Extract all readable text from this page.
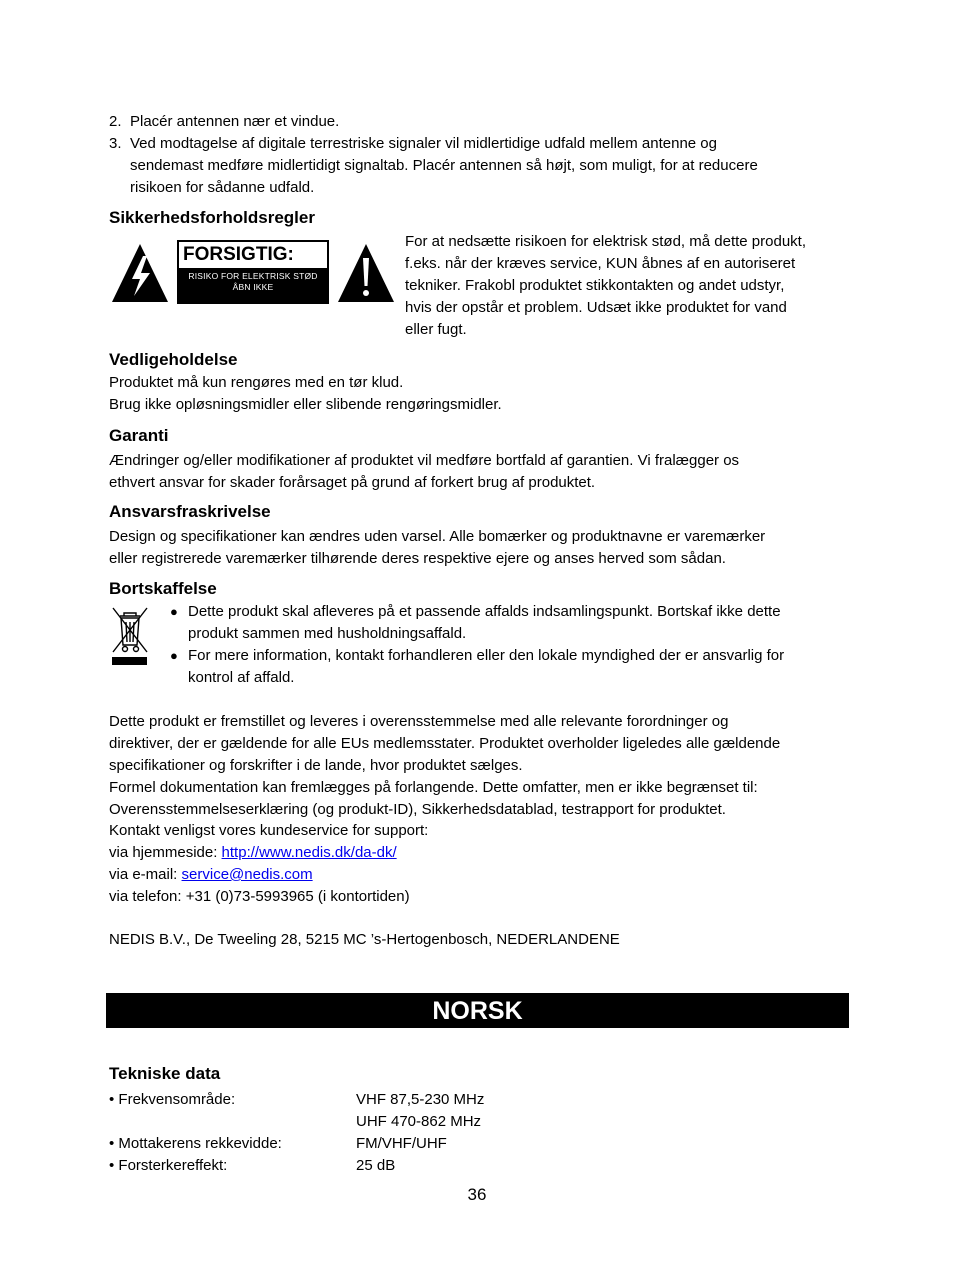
2. Placér antennen nær et vindue.
3. Ved modtagelse af digitale terrestriske signaler vil midlertidige udfald mellem antenne og
sendemast medføre midlertidigt signaltab. Placér antennen så højt, som muligt, for at reducere
risikoen for sådanne udfald.
Sikkerhedsforholdsregler
FORSIGTIG:
RISIKO FOR ELEKTRISK STØD
ÅBN IKKE
For at nedsætte risikoen for elektrisk stød, må dette produkt,
f.eks. når der kræves service, KUN åbnes af en autoriseret
tekniker. Frakobl produktet stikkontakten og andet udstyr,
hvis der opstår et problem. Udsæt ikke produktet for vand
eller fugt.
Vedligeholdelse
Produktet må kun rengøres med en tør klud.
Brug ikke opløsningsmidler eller slibende rengøringsmidler.
Garanti
Ændringer og/eller modifikationer af produktet vil medføre bortfald af garantien. Vi fralægger os
ethvert ansvar for skader forårsaget på grund af forkert brug af produktet.
Ansvarsfraskrivelse
Design og specifikationer kan ændres uden varsel. Alle bomærker og produktnavne er varemærker
eller registrerede varemærker tilhørende deres respektive ejere og anses herved som sådan.
Bortskaffelse
● Dette produkt skal afleveres på et passende affalds indsamlingspunkt. Bortskaf ikke dette
produkt sammen med husholdningsaffald.
● For mere information, kontakt forhandleren eller den lokale myndighed der er ansvarlig for
kontrol af affald.
Dette produkt er fremstillet og leveres i overensstemmelse med alle relevante forordninger og
direktiver, der er gældende for alle EUs medlemsstater. Produktet overholder ligeledes alle gældende
specifikationer og forskrifter i de lande, hvor produktet sælges.
Formel dokumentation kan fremlægges på forlangende. Dette omfatter, men er ikke begrænset til:
Overensstemmelseserklæring (og produkt-ID), Sikkerhedsdatablad, testrapport for produktet.
Kontakt venligst vores kundeservice for support:
via hjemmeside: http://www.nedis.dk/da-dk/
via e-mail: service@nedis.com
via telefon: +31 (0)73-5993965 (i kontortiden)
NEDIS B.V., De Tweeling 28, 5215 MC ’s-Hertogenbosch, NEDERLANDENE
NORSK
Tekniske data
• Frekvensområde:	VHF 87,5-230 MHz
UHF 470-862 MHz
• Mottakerens rekkevidde:	FM/VHF/UHF
• Forsterkereffekt:	25 dB
36
